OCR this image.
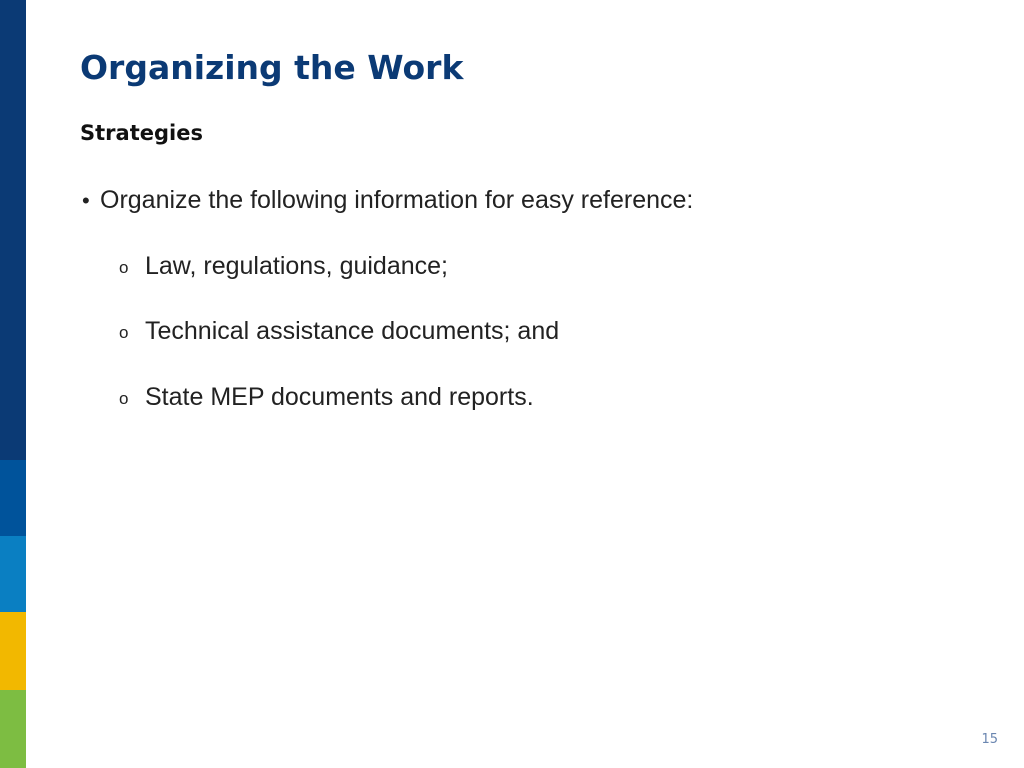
Organizing the Work
Strategies
• Organize the following information for easy reference:
o Law, regulations, guidance;
o Technical assistance documents; and
o State MEP documents and reports.
15
